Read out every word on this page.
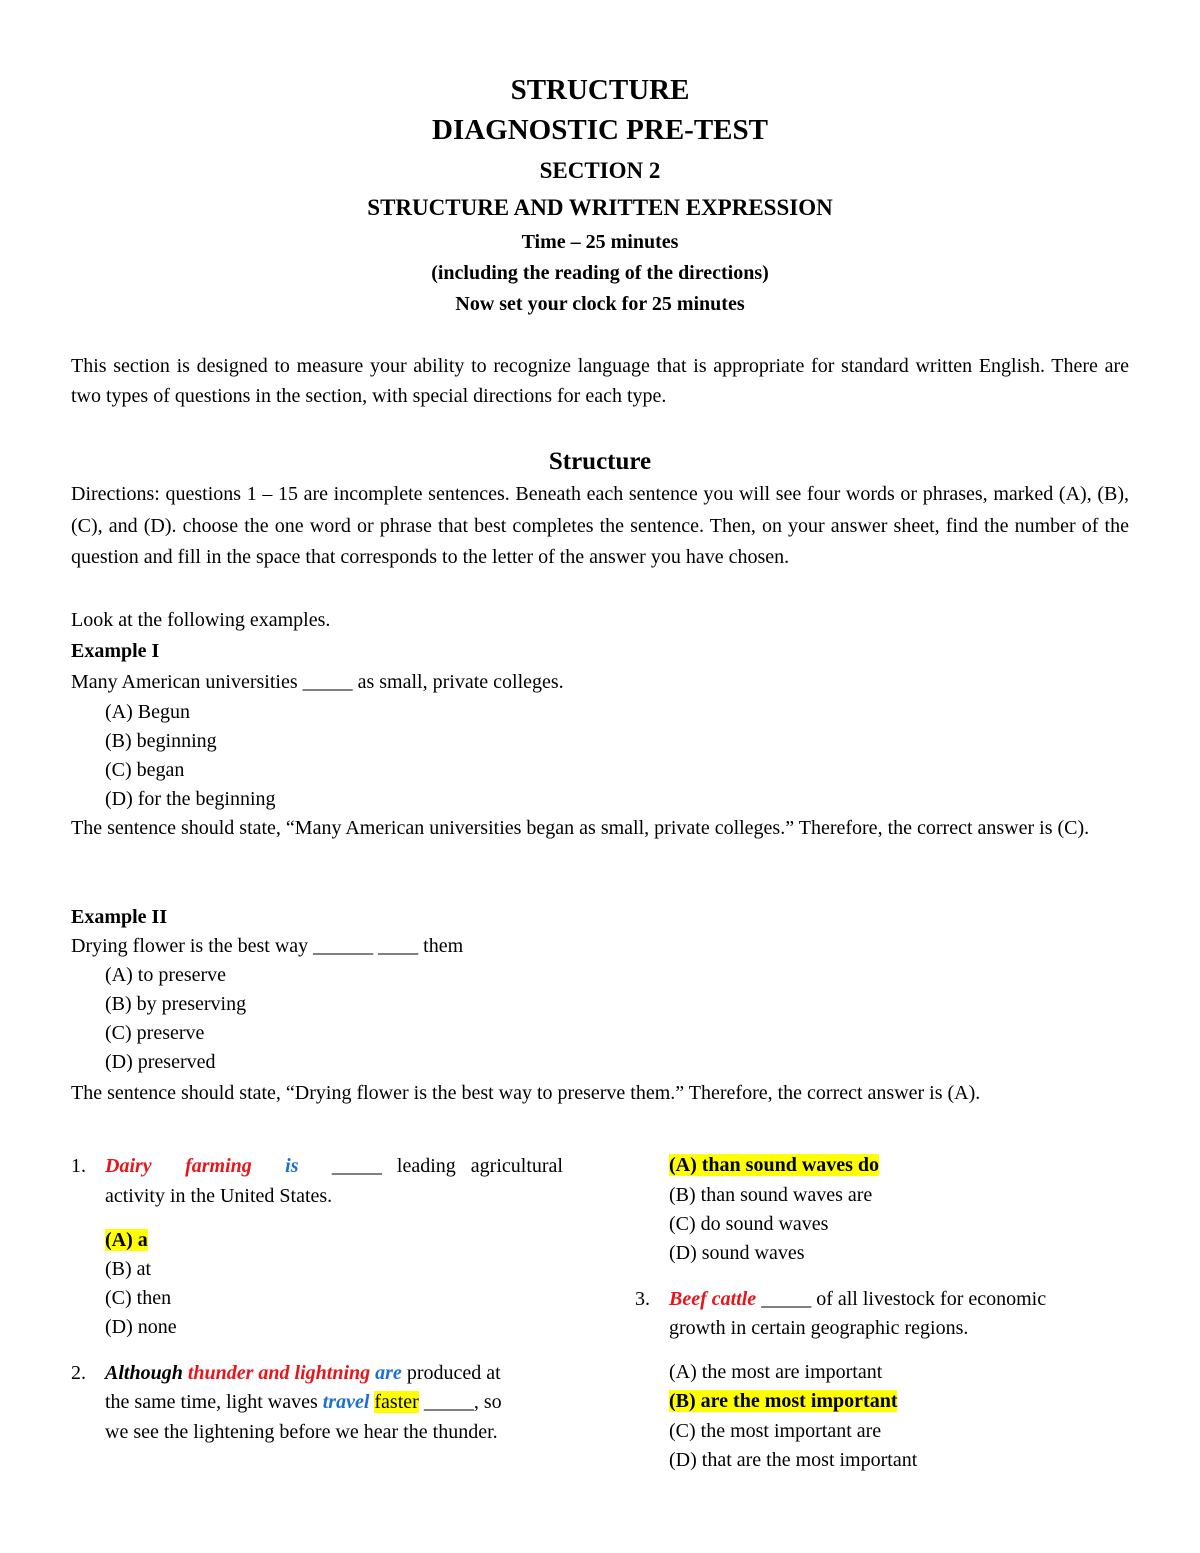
STRUCTURE
DIAGNOSTIC PRE-TEST
SECTION 2
STRUCTURE AND WRITTEN EXPRESSION
Time – 25 minutes
(including the reading of the directions)
Now set your clock for 25 minutes
This section is designed to measure your ability to recognize language that is appropriate for standard written English. There are two types of questions in the section, with special directions for each type.
Structure
Directions: questions 1 – 15 are incomplete sentences. Beneath each sentence you will see four words or phrases, marked (A), (B), (C), and (D). choose the one word or phrase that best completes the sentence. Then, on your answer sheet, find the number of the question and fill in the space that corresponds to the letter of the answer you have chosen.
Look at the following examples.
Example I
Many American universities _____ as small, private colleges.
(A) Begun
(B) beginning
(C) began
(D) for the beginning
The sentence should state, “Many American universities began as small, private colleges.” Therefore, the correct answer is (C).
Example II
Drying flower is the best way ______ ____ them
(A) to preserve
(B) by preserving
(C) preserve
(D) preserved
The sentence should state, “Drying flower is the best way to preserve them.” Therefore, the correct answer is (A).
1. Dairy farming is _____   leading   agricultural
activity in the United States.
(A) a
(B) at
(C) then
(D) none
2. Although thunder and lightning are produced at
the same time, light waves travel faster _____, so
we see the lightening before we hear the thunder.
(A) than sound waves do
(B) than sound waves are
(C) do sound waves
(D) sound waves
3. Beef cattle _____ of all livestock for economic
growth in certain geographic regions.
(A) the most are important
(B) are the most important
(C) the most important are
(D) that are the most important
